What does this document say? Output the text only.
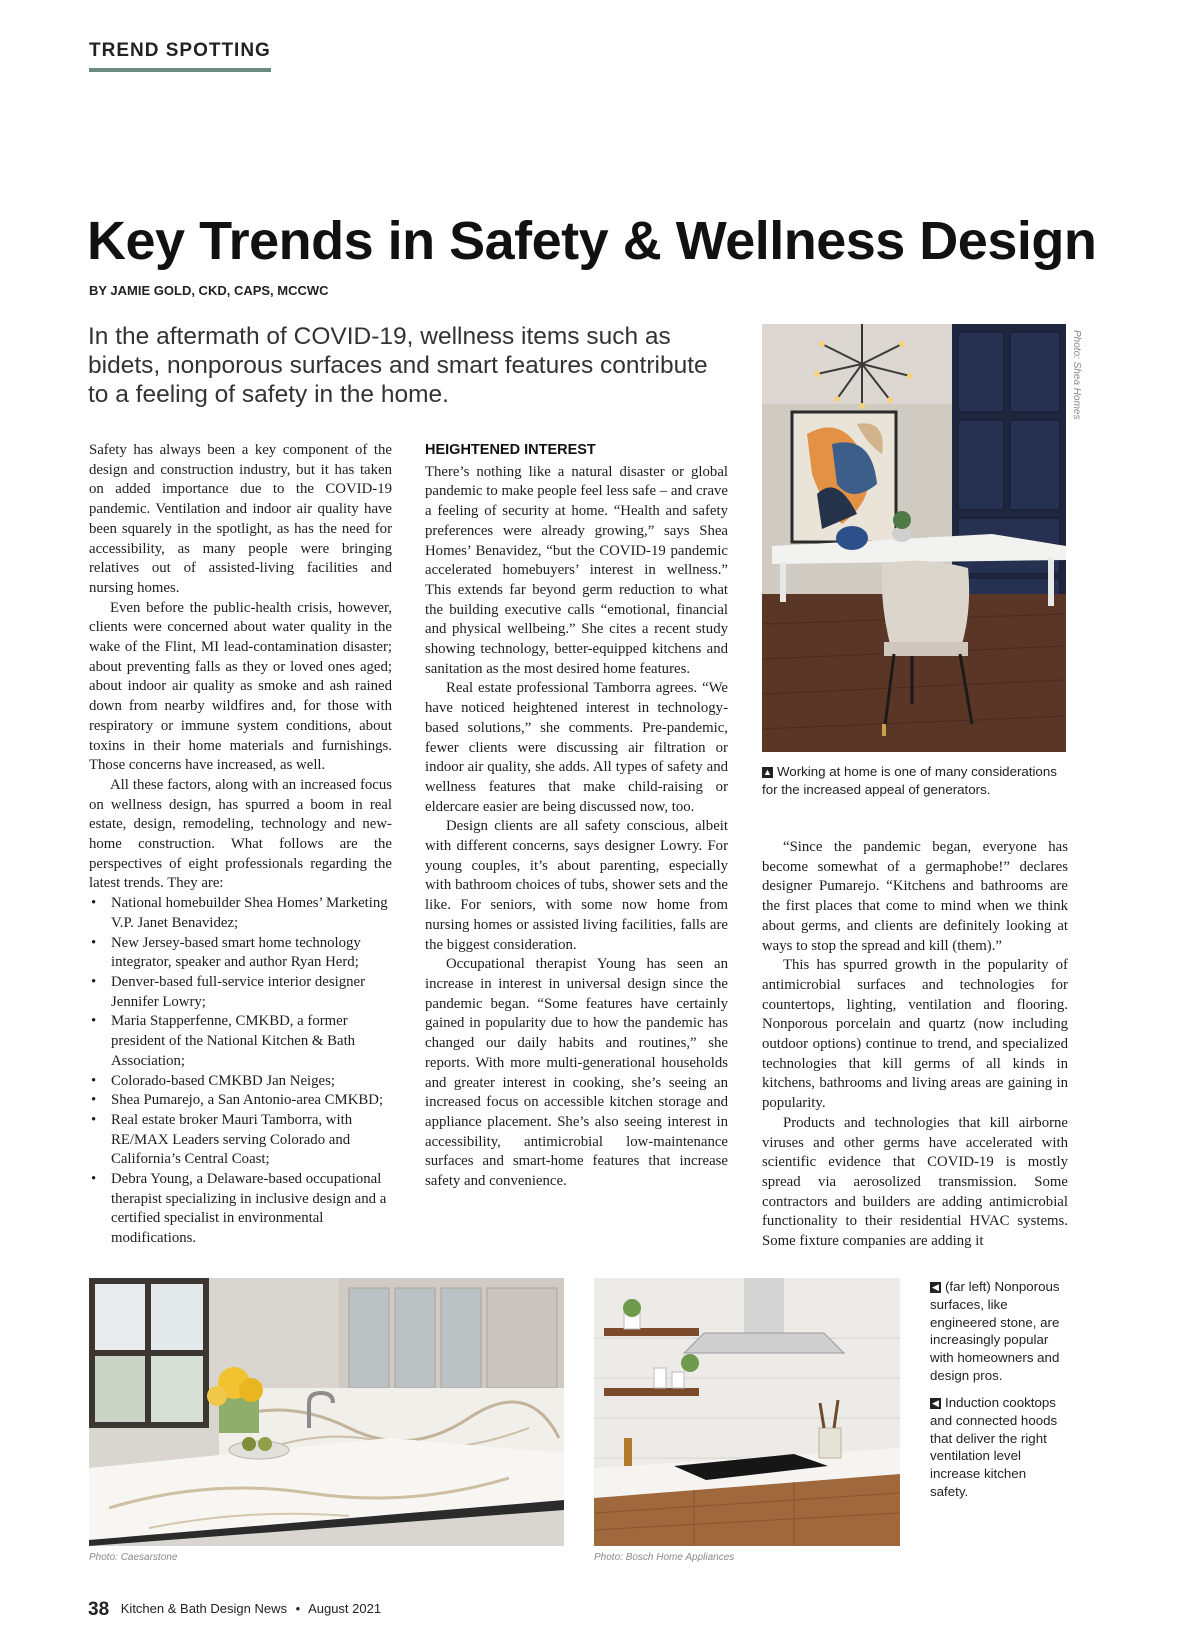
TREND SPOTTING
Key Trends in Safety & Wellness Design
BY JAMIE GOLD, CKD, CAPS, MCCWC
In the aftermath of COVID-19, wellness items such as bidets, nonporous surfaces and smart features contribute to a feeling of safety in the home.

Safety has always been a key component of the design and construction industry, but it has taken on added importance due to the COVID-19 pandemic. Ventilation and indoor air quality have been squarely in the spotlight, as has the need for accessibility, as many people were bringing relatives out of assisted-living facilities and nursing homes.

Even before the public-health crisis, however, clients were concerned about water quality in the wake of the Flint, MI lead-contamination disaster; about preventing falls as they or loved ones aged; about indoor air quality as smoke and ash rained down from nearby wildfires and, for those with respiratory or immune system conditions, about toxins in their home materials and furnishings. Those concerns have increased, as well.

All these factors, along with an increased focus on wellness design, has spurred a boom in real estate, design, remodeling, technology and new-home construction. What follows are the perspectives of eight professionals regarding the latest trends. They are:

• National homebuilder Shea Homes’ Marketing V.P. Janet Benavidez;
• New Jersey-based smart home technology integrator, speaker and author Ryan Herd;
• Denver-based full-service interior designer Jennifer Lowry;
• Maria Stapperfenne, CMKBD, a former president of the National Kitchen & Bath Association;
• Colorado-based CMKBD Jan Neiges;
• Shea Pumarejo, a San Antonio-area CMKBD;
• Real estate broker Mauri Tamborra, with RE/MAX Leaders serving Colorado and California’s Central Coast;
• Debra Young, a Delaware-based occupational therapist specializing in inclusive design and a certified specialist in environmental modifications.
HEIGHTENED INTEREST

There’s nothing like a natural disaster or global pandemic to make people feel less safe – and crave a feeling of security at home. “Health and safety preferences were already growing,” says Shea Homes’ Benavidez, “but the COVID-19 pandemic accelerated homebuyers’ interest in wellness.” This extends far beyond germ reduction to what the building executive calls “emotional, financial and physical wellbeing.” She cites a recent study showing technology, better-equipped kitchens and sanitation as the most desired home features.

Real estate professional Tamborra agrees. “We have noticed heightened interest in technology-based solutions,” she comments. Pre-pandemic, fewer clients were discussing air filtration or indoor air quality, she adds. All types of safety and wellness features that make child-raising or eldercare easier are being discussed now, too.

Design clients are all safety conscious, albeit with different concerns, says designer Lowry. For young couples, it’s about parenting, especially with bathroom choices of tubs, shower sets and the like. For seniors, with some now home from nursing homes or assisted living facilities, falls are the biggest consideration.

Occupational therapist Young has seen an increase in interest in universal design since the pandemic began. “Some features have certainly gained in popularity due to how the pandemic has changed our daily habits and routines,” she reports. With more multi-generational households and greater interest in cooking, she’s seeing an increased focus on accessible kitchen storage and appliance placement. She’s also seeing interest in accessibility, antimicrobial low-maintenance surfaces and smart-home features that increase safety and convenience.

Photo: Shea Homes
▲ Working at home is one of many considerations for the increased appeal of generators.

“Since the pandemic began, everyone has become somewhat of a germaphobe!” declares designer Pumarejo. “Kitchens and bathrooms are the first places that come to mind when we think about germs, and clients are definitely looking at ways to stop the spread and kill (them).”

This has spurred growth in the popularity of antimicrobial surfaces and technologies for countertops, lighting, ventilation and flooring. Nonporous porcelain and quartz (now including outdoor options) continue to trend, and specialized technologies that kill germs of all kinds in kitchens, bathrooms and living areas are gaining in popularity.

Products and technologies that kill airborne viruses and other germs have accelerated with scientific evidence that COVID-19 is mostly spread via aerosolized transmission. Some contractors and builders are adding antimicrobial functionality to their residential HVAC systems. Some fixture companies are adding it

Photo: Caesarstone	Photo: Bosch Home Appliances
◀ (far left) Nonporous surfaces, like engineered stone, are increasingly popular with homeowners and design pros.
◀ Induction cooktops and connected hoods that deliver the right ventilation level increase kitchen safety.
38 Kitchen & Bath Design News • August 2021
